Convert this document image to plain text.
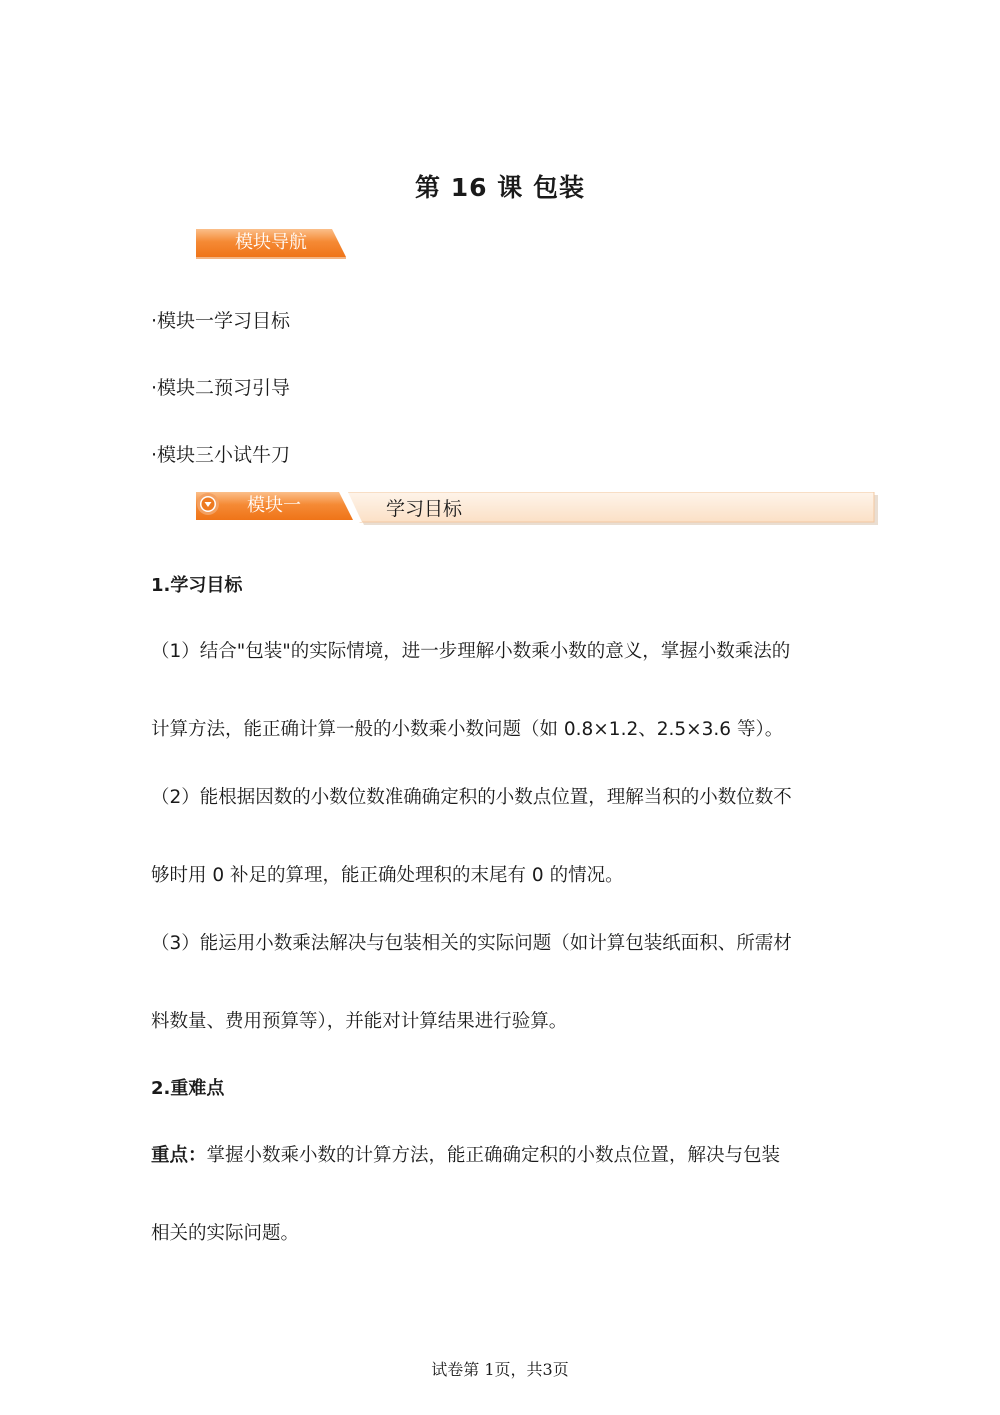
第 16 课 包装
模块导航
·模块一学习目标
·模块二预习引导
·模块三小试牛刀
模块一	学习目标
1.学习目标
（1）结合"包装"的实际情境，进一步理解小数乘小数的意义，掌握小数乘法的
计算方法，能正确计算一般的小数乘小数问题（如 0.8×1.2、2.5×3.6 等）。
（2）能根据因数的小数位数准确确定积的小数点位置，理解当积的小数位数不
够时用 0 补足的算理，能正确处理积的末尾有 0 的情况。
（3）能运用小数乘法解决与包装相关的实际问题（如计算包装纸面积、所需材
料数量、费用预算等），并能对计算结果进行验算。
2.重难点
重点：掌握小数乘小数的计算方法，能正确确定积的小数点位置，解决与包装
相关的实际问题。
试卷第 1页，共3页
